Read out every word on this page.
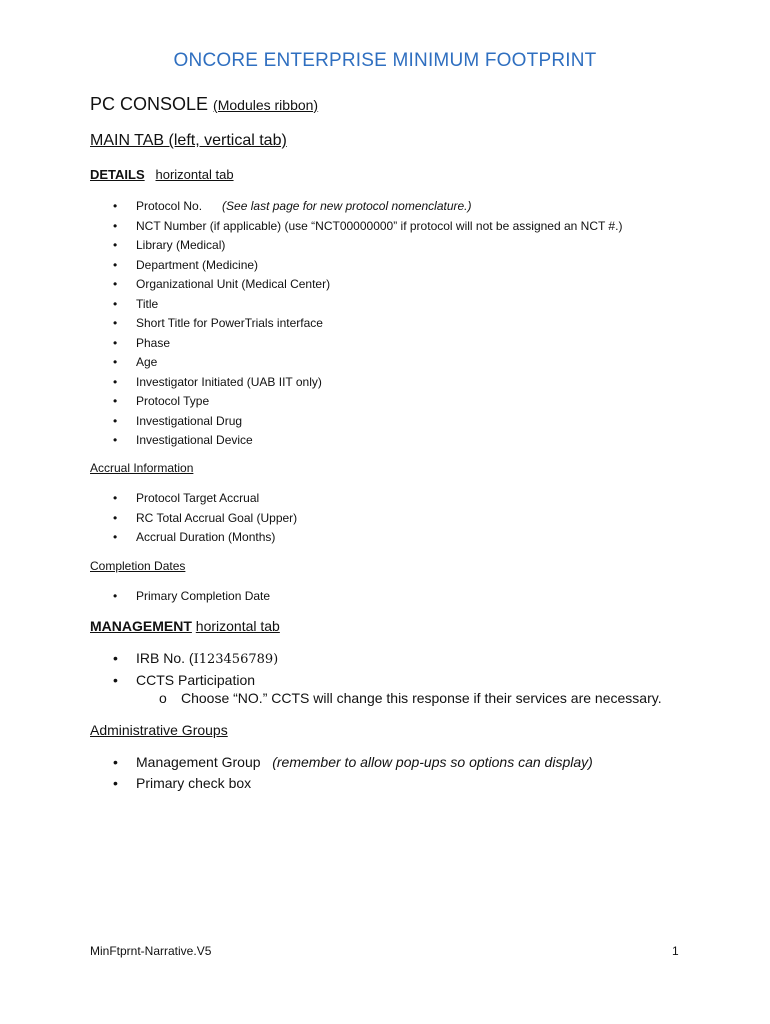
ONCORE ENTERPRISE MINIMUM FOOTPRINT
PC CONSOLE (Modules ribbon)
MAIN TAB (left, vertical tab)
DETAILS horizontal tab
• Protocol No. (See last page for new protocol nomenclature.)
• NCT Number (if applicable) (use “NCT00000000” if protocol will not be assigned an NCT #.)
• Library (Medical)
• Department (Medicine)
• Organizational Unit (Medical Center)
• Title
• Short Title for PowerTrials interface
• Phase
• Age
• Investigator Initiated (UAB IIT only)
• Protocol Type
• Investigational Drug
• Investigational Device
Accrual Information
• Protocol Target Accrual
• RC Total Accrual Goal (Upper)
• Accrual Duration (Months)
Completion Dates
• Primary Completion Date
MANAGEMENT horizontal tab
• IRB No. (I123456789)
• CCTS Participation
o Choose “NO.” CCTS will change this response if their services are necessary.
Administrative Groups
• Management Group (remember to allow pop-ups so options can display)
• Primary check box
MinFtprnt-Narrative.V5	1
